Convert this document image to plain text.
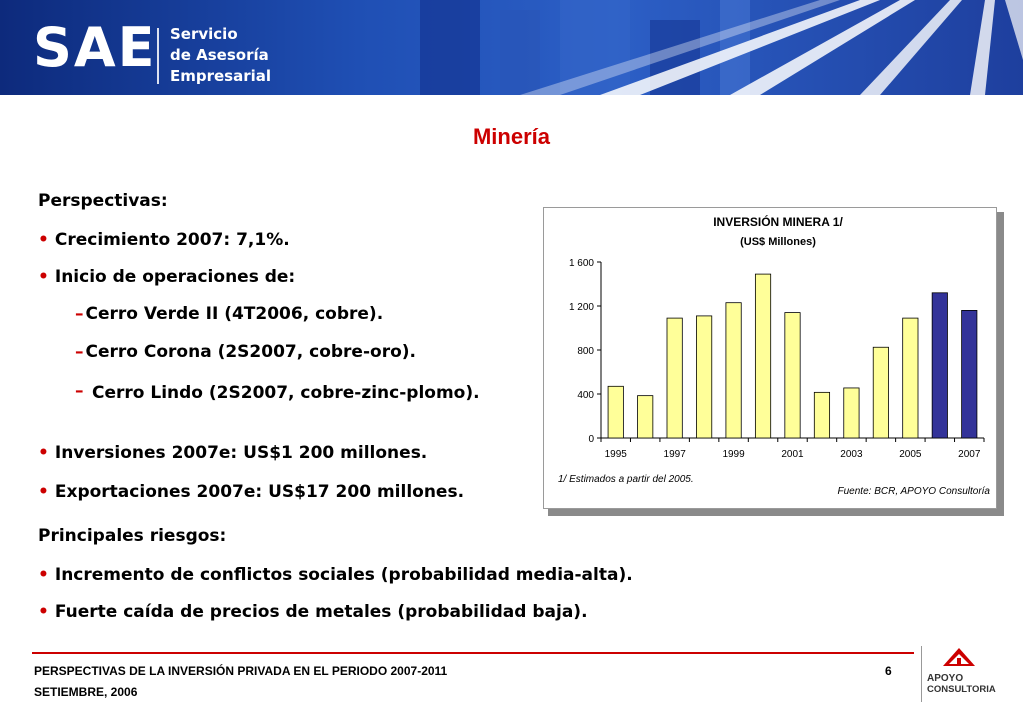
SAE Servicio
de Asesoría
Empresarial
Minería
Perspectivas:
• Crecimiento 2007: 7,1%.
• Inicio de operaciones de:
– Cerro Verde II (4T2006, cobre).
– Cerro Corona (2S2007, cobre-oro).
– Cerro Lindo (2S2007, cobre-zinc-plomo).
• Inversiones 2007e: US$1 200 millones.
• Exportaciones 2007e: US$17 200 millones.
Principales riesgos:
• Incremento de conflictos sociales (probabilidad media-alta).
• Fuerte caída de precios de metales (probabilidad baja).
INVERSIÓN MINERA 1/
(US$ Millones)
0
400
800
1 200
1 600
1995	1997	1999	2001	2003	2005	2007
1/ Estimados a partir del 2005.
Fuente: BCR, APOYO Consultoría
PERSPECTIVAS DE LA INVERSIÓN PRIVADA EN EL PERIODO 2007-2011
SETIEMBRE, 2006
6
APOYO
CONSULTORIA
